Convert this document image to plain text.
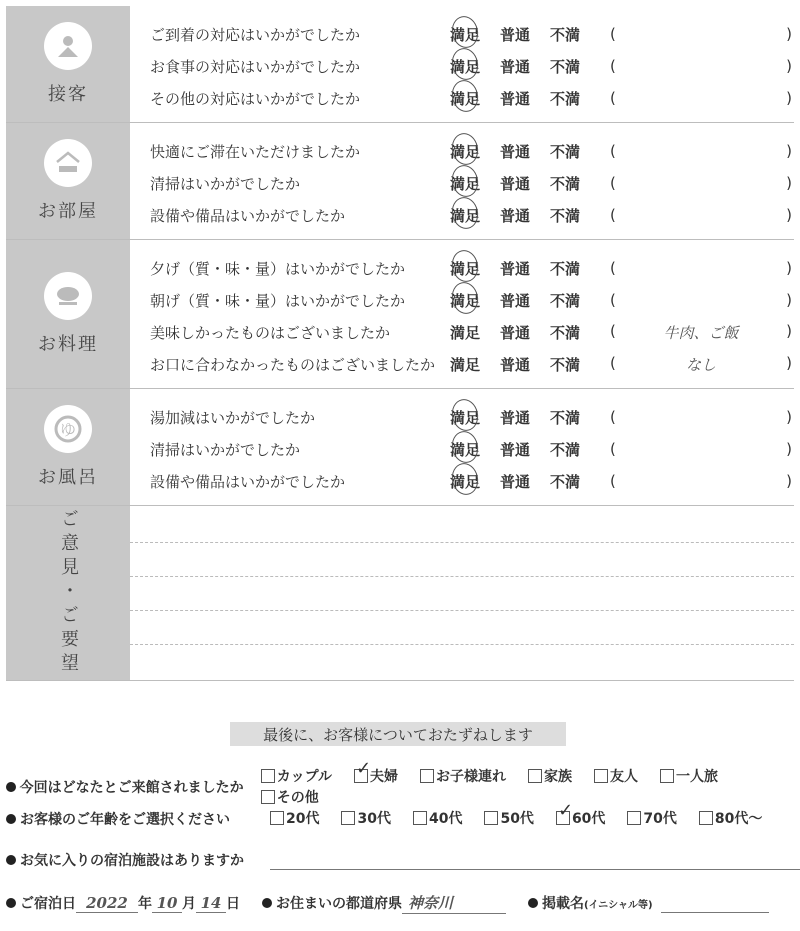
接客
ご到着の対応はいかがでしたか	満足	普通	不満	(	)
お食事の対応はいかがでしたか	満足	普通	不満	(	)
その他の対応はいかがでしたか	満足	普通	不満	(	)
お部屋
快適にご滞在いただけましたか	満足	普通	不満	(	)
清掃はいかがでしたか	満足	普通	不満	(	)
設備や備品はいかがでしたか	満足	普通	不満	(	)
お料理
夕げ（質・味・量）はいかがでしたか	満足	普通	不満	(	)
朝げ（質・味・量）はいかがでしたか	満足	普通	不満	(	)
美味しかったものはございましたか	満足	普通	不満	(	牛肉、ご飯	)
お口に合わなかったものはございましたか 満足	普通	不満	(	なし	)
ゆ
お風呂
湯加減はいかがでしたか	満足	普通	不満	(	)
清掃はいかがでしたか	満足	普通	不満	(	)
設備や備品はいかがでしたか	満足	普通	不満	(	)
ご意見・ご要望
最後に、お客様についておたずねします
今回はどなたとご来館されましたか
カップル ✓	夫婦	お子様連れ	家族	友人	一人旅
その他
お客様のご年齢をご選択ください	20代	30代	40代	50代 ✓	60代	70代	80代〜
お気に入りの宿泊施設はありますか
ご宿泊日 2022 年 10 月 14 日	お住まいの都道府県 神奈川	掲載名 (イニシャル等)
